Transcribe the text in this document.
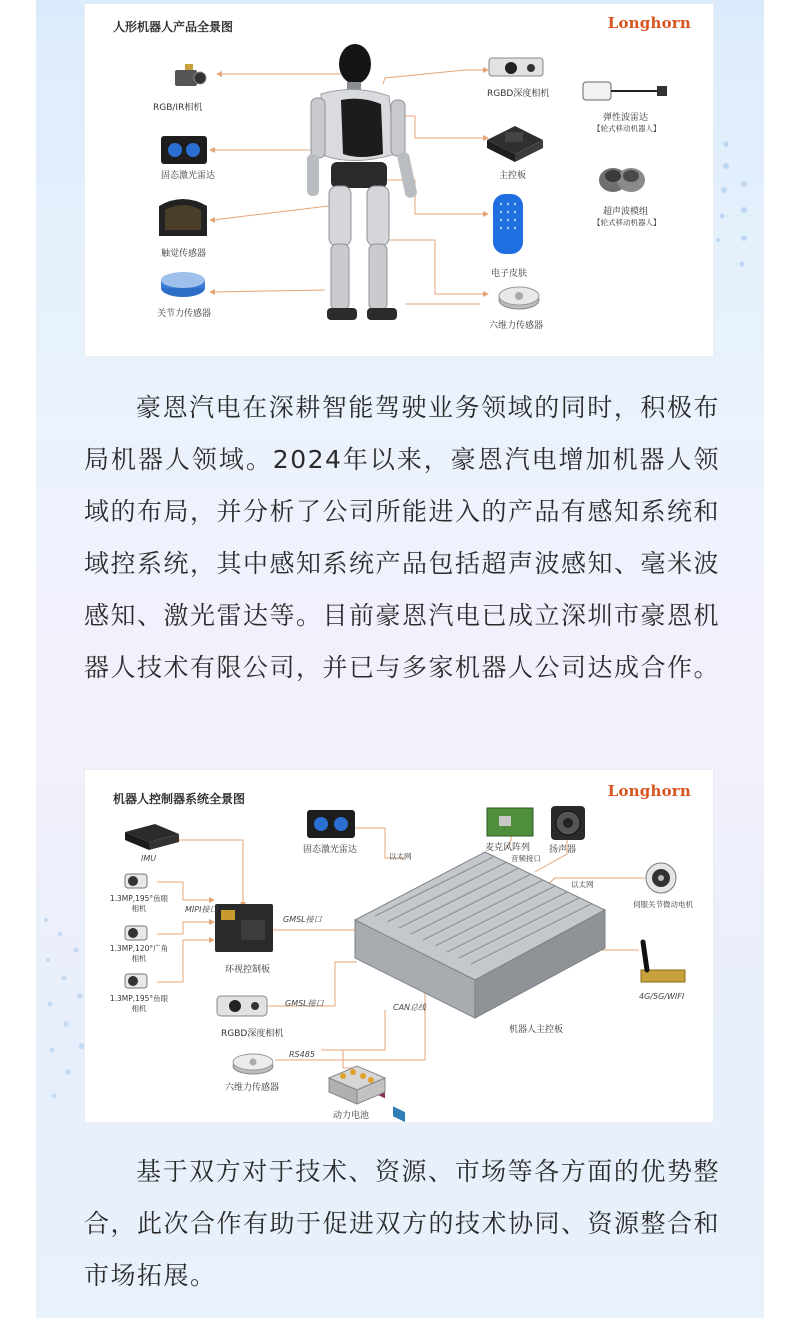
人形机器人产品全景图	Longhorn
RGB/IR相机
固态激光雷达
触觉传感器
关节力传感器
RGBD深度相机
主控板
电子皮肤
六维力传感器
弹性波雷达
【轮式移动机器人】
超声波模组
【轮式移动机器人】

豪恩汽电在深耕智能驾驶业务领域的同时，积极布局机器人领域。2024年以来，豪恩汽电增加机器人领域的布局，并分析了公司所能进入的产品有感知系统和域控系统，其中感知系统产品包括超声波感知、毫米波感知、激光雷达等。目前豪恩汽电已成立深圳市豪恩机器人技术有限公司，并已与多家机器人公司达成合作。

机器人控制器系统全景图	Longhorn
IMU
1.3MP,195°鱼眼相机
1.3MP,120°广角相机
1.3MP,195°鱼眼相机
MIPI接口
环视控制板
GMSL接口
固态激光雷达
以太网
麦克风阵列 扬声器
音频接口
以太网
伺服关节微动电机
4G/5G/WIFI
机器人主控板
RGBD深度相机
GMSL接口	CAN总线
RS485
六维力传感器
动力电池

基于双方对于技术、资源、市场等各方面的优势整合，此次合作有助于促进双方的技术协同、资源整合和市场拓展。
